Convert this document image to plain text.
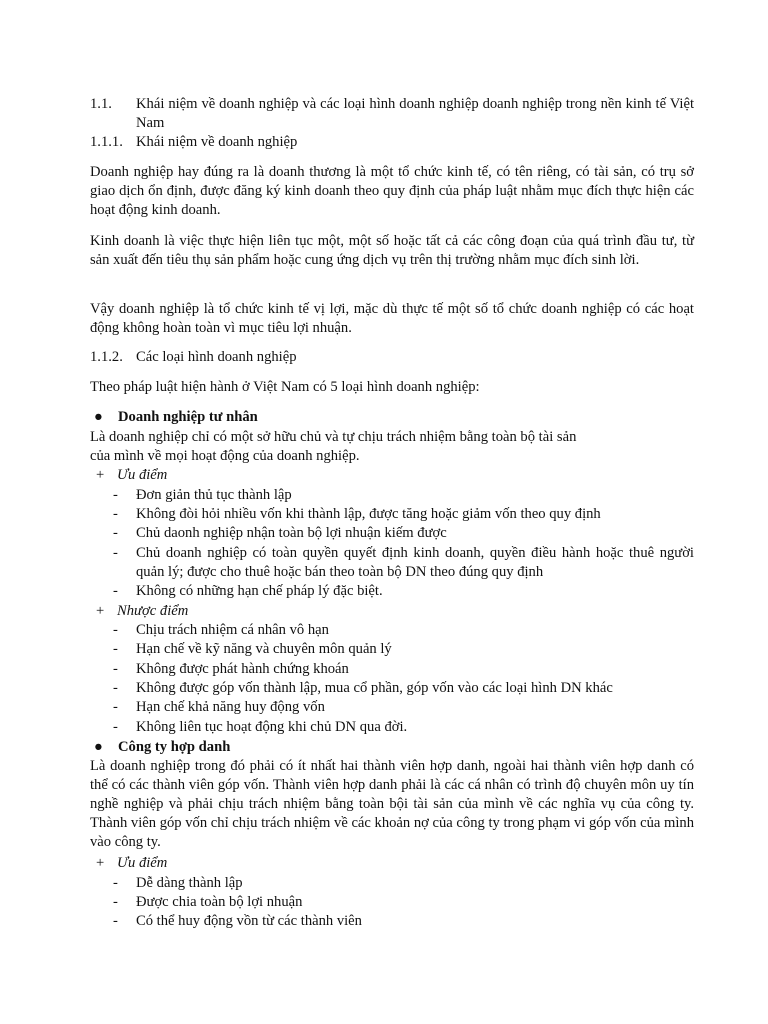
1.1. Khái niệm về doanh nghiệp và các loại hình doanh nghiệp doanh nghiệp trong nền kinh tế Việt Nam
1.1.1. Khái niệm về doanh nghiệp

Doanh nghiệp hay đúng ra là doanh thương là một tổ chức kinh tế, có tên riêng, có tài sản, có trụ sở giao dịch ổn định, được đăng ký kinh doanh theo quy định của pháp luật nhằm mục đích thực hiện các hoạt động kinh doanh.

Kinh doanh là việc thực hiện liên tục một, một số hoặc tất cả các công đoạn của quá trình đầu tư, từ sản xuất đến tiêu thụ sản phẩm hoặc cung ứng dịch vụ trên thị trường nhằm mục đích sinh lời.

Vậy doanh nghiệp là tổ chức kinh tế vị lợi, mặc dù thực tế một số tổ chức doanh nghiệp có các hoạt động không hoàn toàn vì mục tiêu lợi nhuận.

1.1.2. Các loại hình doanh nghiệp

Theo pháp luật hiện hành ở Việt Nam có 5 loại hình doanh nghiệp:

● Doanh nghiệp tư nhân

Là doanh nghiệp chỉ có một sở hữu chủ và tự chịu trách nhiệm bằng toàn bộ tài sản

của mình về mọi hoạt động của doanh nghiệp.

+ Ưu điểm
- Đơn giản thủ tục thành lập
- Không đòi hỏi nhiều vốn khi thành lập, được tăng hoặc giảm vốn theo quy định
- Chủ daonh nghiệp nhận toàn bộ lợi nhuận kiếm được
- Chủ doanh nghiệp có toàn quyền quyết định kinh doanh, quyền điều hành hoặc thuê người quản lý; được cho thuê hoặc bán theo toàn bộ DN theo đúng quy định
- Không có những hạn chế pháp lý đặc biệt.
+ Nhược điểm
- Chịu trách nhiệm cá nhân vô hạn
- Hạn chế về kỹ năng và chuyên môn quản lý
- Không được phát hành chứng khoán
- Không được góp vốn thành lập, mua cổ phần, góp vốn vào các loại hình DN khác
- Hạn chế khả năng huy động vốn
- Không liên tục hoạt động khi chủ DN qua đời.
● Công ty hợp danh

Là doanh nghiệp trong đó phải có ít nhất hai thành viên hợp danh, ngoài hai thành viên hợp danh có thể có các thành viên góp vốn. Thành viên hợp danh phải là các cá nhân có trình độ chuyên môn uy tín nghề nghiệp và phải chịu trách nhiệm bằng toàn bội tài sản của mình về các nghĩa vụ của công ty. Thành viên góp vốn chỉ chịu trách nhiệm về các khoản nợ của công ty trong phạm vi góp vốn của mình vào công ty.

+ Ưu điểm
- Dễ dàng thành lập
- Được chia toàn bộ lợi nhuận
- Có thể huy động vồn từ các thành viên
